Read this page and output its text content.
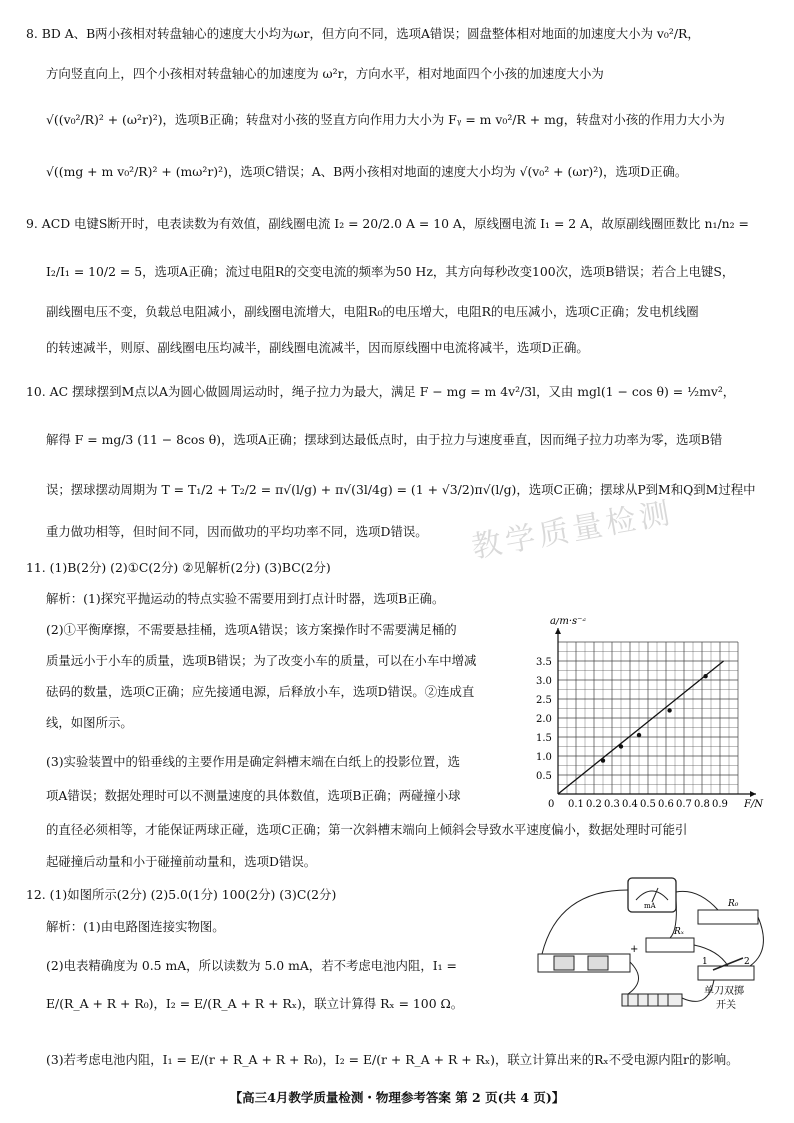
8. BD A、B两小孩相对转盘轴心的速度大小均为ωr，但方向不同，选项A错误；圆盘整体相对地面的加速度大小为 v₀²/R，
方向竖直向上，四个小孩相对转盘轴心的加速度为 ω²r，方向水平，相对地面四个小孩的加速度大小为
√((v₀²/R)² + (ω²r)²)，选项B正确；转盘对小孩的竖直方向作用力大小为 Fᵧ = m v₀²/R + mg，转盘对小孩的作用力大小为
√((mg + m v₀²/R)² + (mω²r)²)，选项C错误；A、B两小孩相对地面的速度大小均为 √(v₀² + (ωr)²)，选项D正确。
9. ACD 电键S断开时，电表读数为有效值，副线圈电流 I₂ = 20/2.0 A = 10 A，原线圈电流 I₁ = 2 A，故原副线圈匝数比 n₁/n₂ =
I₂/I₁ = 10/2 = 5，选项A正确；流过电阻R的交变电流的频率为50 Hz，其方向每秒改变100次，选项B错误；若合上电键S，
副线圈电压不变，负载总电阻减小，副线圈电流增大，电阻R₀的电压增大，电阻R的电压减小，选项C正确；发电机线圈
的转速减半，则原、副线圈电压均减半，副线圈电流减半，因而原线圈中电流将减半，选项D正确。
10. AC 摆球摆到M点以A为圆心做圆周运动时，绳子拉力为最大，满足 F − mg = m 4v²/3l，又由 mgl(1 − cos θ) = ½mv²，
解得 F = mg/3 (11 − 8cos θ)，选项A正确；摆球到达最低点时，由于拉力与速度垂直，因而绳子拉力功率为零，选项B错
误；摆球摆动周期为 T = T₁/2 + T₂/2 = π√(l/g) + π√(3l/4g) = (1 + √3/2)π√(l/g)，选项C正确；摆球从P到M和Q到M过程中
重力做功相等，但时间不同，因而做功的平均功率不同，选项D错误。
11. (1)B(2分) (2)①C(2分) ②见解析(2分) (3)BC(2分)
解析：(1)探究平抛运动的特点实验不需要用到打点计时器，选项B正确。
(2)①平衡摩擦，不需要悬挂桶，选项A错误；该方案操作时不需要满足桶的
质量远小于小车的质量，选项B错误；为了改变小车的质量，可以在小车中增减
砝码的数量，选项C正确；应先接通电源，后释放小车，选项D错误。②连成直
线，如图所示。
(3)实验装置中的铅垂线的主要作用是确定斜槽末端在白纸上的投影位置，选
项A错误；数据处理时可以不测量速度的具体数值，选项B正确；两碰撞小球
的直径必须相等，才能保证两球正碰，选项C正确；第一次斜槽末端向上倾斜会导致水平速度偏小，数据处理时可能引
起碰撞后动量和小于碰撞前动量和，选项D错误。
12. (1)如图所示(2分) (2)5.0(1分) 100(2分) (3)C(2分)
解析：(1)由电路图连接实物图。
(2)电表精确度为 0.5 mA，所以读数为 5.0 mA，若不考虑电池内阻，I₁ =
E/(R_A + R + R₀)，I₂ = E/(R_A + R + Rₓ)，联立计算得 Rₓ = 100 Ω。
(3)若考虑电池内阻，I₁ = E/(r + R_A + R + R₀)，I₂ = E/(r + R_A + R + Rₓ)，联立计算出来的Rₓ不受电源内阻r的影响。
教学质量检测
0 0.1 0.2 0.3 0.4 0.5 0.6 0.7 0.8 0.9
0.5
1.0
1.5
2.0
2.5
3.0
3.5
F/N
a/m·s⁻²
mA	R₀
Rₓ
+
1	2
单刀双掷
开关
【高三4月教学质量检测・物理参考答案 第 2 页(共 4 页)】
